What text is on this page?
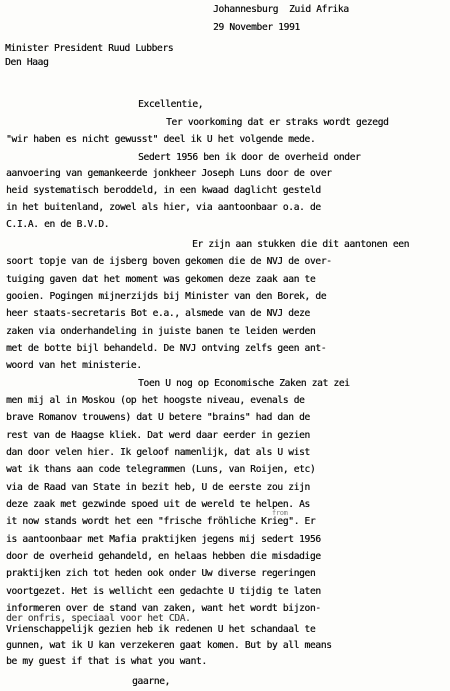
Johannesburg  Zuid Afrika
29 November 1991
Minister President Ruud Lubbers
Den Haag
Excellentie,
Ter voorkoming dat er straks wordt gezegd
"wir haben es nicht gewusst" deel ik U het volgende mede.
Sedert 1956 ben ik door de overheid onder
aanvoering van gemankeerde jonkheer Joseph Luns door de over
heid systematisch beroddeld, in een kwaad daglicht gesteld
in het buitenland, zowel als hier, via aantoonbaar o.a. de
C.I.A. en de B.V.D.
Er zijn aan stukken die dit aantonen een
soort topje van de ijsberg boven gekomen die de NVJ de over-
tuiging gaven dat het moment was gekomen deze zaak aan te
gooien. Pogingen mijnerzijds bij Minister van den Borek, de
heer staats-secretaris Bot e.a., alsmede van de NVJ deze
zaken via onderhandeling in juiste banen te leiden werden
met de botte bijl behandeld. De NVJ ontving zelfs geen ant-
woord van het ministerie.
Toen U nog op Economische Zaken zat zei
men mij al in Moskou (op het hoogste niveau, evenals de
brave Romanov trouwens) dat U betere "brains" had dan de
rest van de Haagse kliek. Dat werd daar eerder in gezien
dan door velen hier. Ik geloof namenlijk, dat als U wist
wat ik thans aan code telegrammen (Luns, van Roijen, etc)
via de Raad van State in bezit heb, U de eerste zou zijn
deze zaak met gezwinde spoed uit de wereld te helpen. As
from
it now stands wordt het een "frische fröhliche Krieg". Er
is aantoonbaar met Mafia praktijken jegens mij sedert 1956
door de overheid gehandeld, en helaas hebben die misdadige
praktijken zich tot heden ook onder Uw diverse regeringen
voortgezet. Het is wellicht een gedachte U tijdig te laten
informeren over de stand van zaken, want het wordt bijzon-
der onfris, speciaal voor het CDA.
Vrienschappelijk gezien heb ik redenen U het schandaal te
gunnen, wat ik U kan verzekeren gaat komen. But by all means
be my guest if that is what you want.
gaarne,
